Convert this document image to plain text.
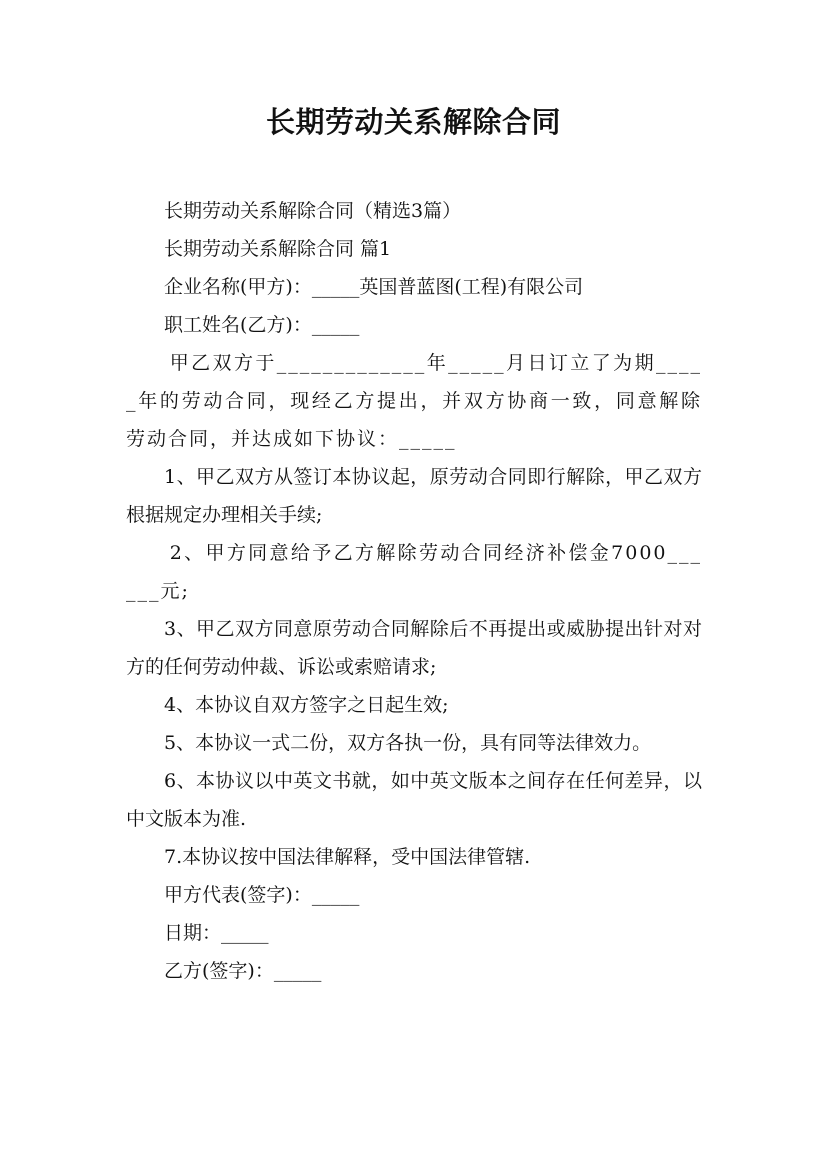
长期劳动关系解除合同

长期劳动关系解除合同（精选3篇）

长期劳动关系解除合同 篇1

企业名称(甲方)：_____英国普蓝图(工程)有限公司

职工姓名(乙方)：_____

甲乙双方于_____________年_____月日订立了为期_____年的劳动合同，现经乙方提出，并双方协商一致，同意解除劳动合同，并达成如下协议：_____

1、甲乙双方从签订本协议起，原劳动合同即行解除，甲乙双方根据规定办理相关手续;

2、甲方同意给予乙方解除劳动合同经济补偿金7000______元;

3、甲乙双方同意原劳动合同解除后不再提出或威胁提出针对对方的任何劳动仲裁、诉讼或索赔请求;

4、本协议自双方签字之日起生效;

5、本协议一式二份，双方各执一份，具有同等法律效力。

6、本协议以中英文书就，如中英文版本之间存在任何差异，以中文版本为准.

7.本协议按中国法律解释，受中国法律管辖.

甲方代表(签字)：_____

日期：_____

乙方(签字)：_____
